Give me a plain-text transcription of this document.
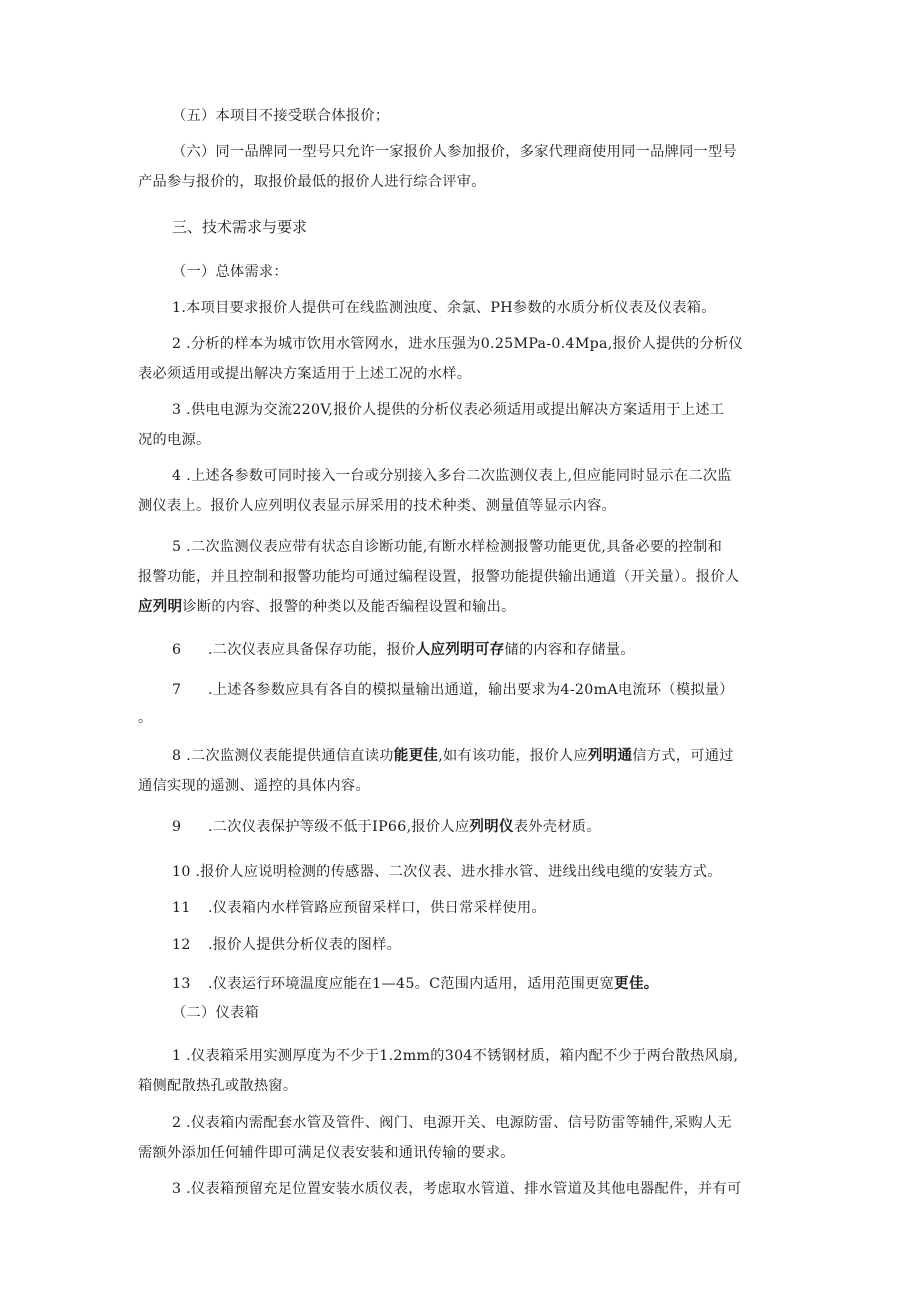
（五）本项目不接受联合体报价；
（六）同一品牌同一型号只允许一家报价人参加报价，多家代理商使用同一品牌同一型号
产品参与报价的，取报价最低的报价人进行综合评审。
三、技术需求与要求
（一）总体需求：
1.本项目要求报价人提供可在线监测浊度、余氯、PH参数的水质分析仪表及仪表箱。
2 .分析的样本为城市饮用水管网水，进水压强为0.25MPa-0.4Mpa,报价人提供的分析仪
表必须适用或提出解决方案适用于上述工况的水样。
3 .供电电源为交流220V,报价人提供的分析仪表必须适用或提出解决方案适用于上述工
况的电源。
4 .上述各参数可同时接入一台或分别接入多台二次监测仪表上,但应能同时显示在二次监
测仪表上。报价人应列明仪表显示屏采用的技术种类、测量值等显示内容。
5 .二次监测仪表应带有状态自诊断功能,有断水样检测报警功能更优,具备必要的控制和
报警功能，并且控制和报警功能均可通过编程设置，报警功能提供输出通道（开关量）。报价人
应列明诊断的内容、报警的种类以及能否编程设置和输出。
6 .二次仪表应具备保存功能，报价人应列明可存储的内容和存储量。
7 .上述各参数应具有各自的模拟量输出通道，输出要求为4-20mA电流环（模拟量）
。
8 .二次监测仪表能提供通信直读功能更佳,如有该功能，报价人应列明通信方式，可通过
通信实现的遥测、遥控的具体内容。
9 .二次仪表保护等级不低于IP66,报价人应列明仪表外壳材质。
10 .报价人应说明检测的传感器、二次仪表、进水排水管、进线出线电缆的安装方式。
11 .仪表箱内水样管路应预留采样口，供日常采样使用。
12 .报价人提供分析仪表的图样。
13 .仪表运行环境温度应能在1—45。C范围内适用，适用范围更宽更佳。
（二）仪表箱
1 .仪表箱采用实测厚度为不少于1.2mm的304不锈钢材质，箱内配不少于两台散热风扇,
箱侧配散热孔或散热窗。
2 .仪表箱内需配套水管及管件、阀门、电源开关、电源防雷、信号防雷等辅件,采购人无
需额外添加任何辅件即可满足仪表安装和通讯传输的要求。
3 .仪表箱预留充足位置安装水质仪表，考虑取水管道、排水管道及其他电器配件，并有可
